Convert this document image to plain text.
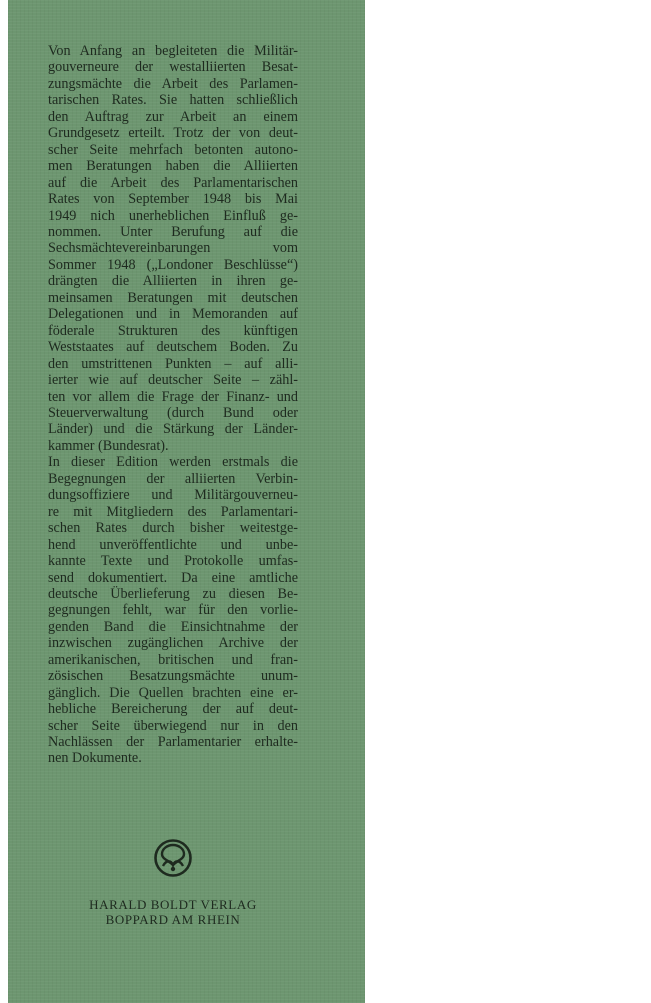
Von Anfang an begleiteten die Militär-
gouverneure der westalliierten Besat-
zungsmächte die Arbeit des Parlamen-
tarischen Rates. Sie hatten schließlich
den Auftrag zur Arbeit an einem
Grundgesetz erteilt. Trotz der von deut-
scher Seite mehrfach betonten autono-
men Beratungen haben die Alliierten
auf die Arbeit des Parlamentarischen
Rates von September 1948 bis Mai
1949 nich unerheblichen Einfluß ge-
nommen. Unter Berufung auf die
Sechsmächtevereinbarungen vom
Sommer 1948 („Londoner Beschlüsse“)
drängten die Alliierten in ihren ge-
meinsamen Beratungen mit deutschen
Delegationen und in Memoranden auf
föderale Strukturen des künftigen
Weststaates auf deutschem Boden. Zu
den umstrittenen Punkten – auf alli-
ierter wie auf deutscher Seite – zähl-
ten vor allem die Frage der Finanz- und
Steuerverwaltung (durch Bund oder
Länder) und die Stärkung der Länder-
kammer (Bundesrat).
In dieser Edition werden erstmals die
Begegnungen der alliierten Verbin-
dungsoffiziere und Militärgouverneu-
re mit Mitgliedern des Parlamentari-
schen Rates durch bisher weitestge-
hend unveröffentlichte und unbe-
kannte Texte und Protokolle umfas-
send dokumentiert. Da eine amtliche
deutsche Überlieferung zu diesen Be-
gegnungen fehlt, war für den vorlie-
genden Band die Einsichtnahme der
inzwischen zugänglichen Archive der
amerikanischen, britischen und fran-
zösischen Besatzungsmächte unum-
gänglich. Die Quellen brachten eine er-
hebliche Bereicherung der auf deut-
scher Seite überwiegend nur in den
Nachlässen der Parlamentarier erhalte-
nen Dokumente.

HARALD BOLDT VERLAG
BOPPARD AM RHEIN
